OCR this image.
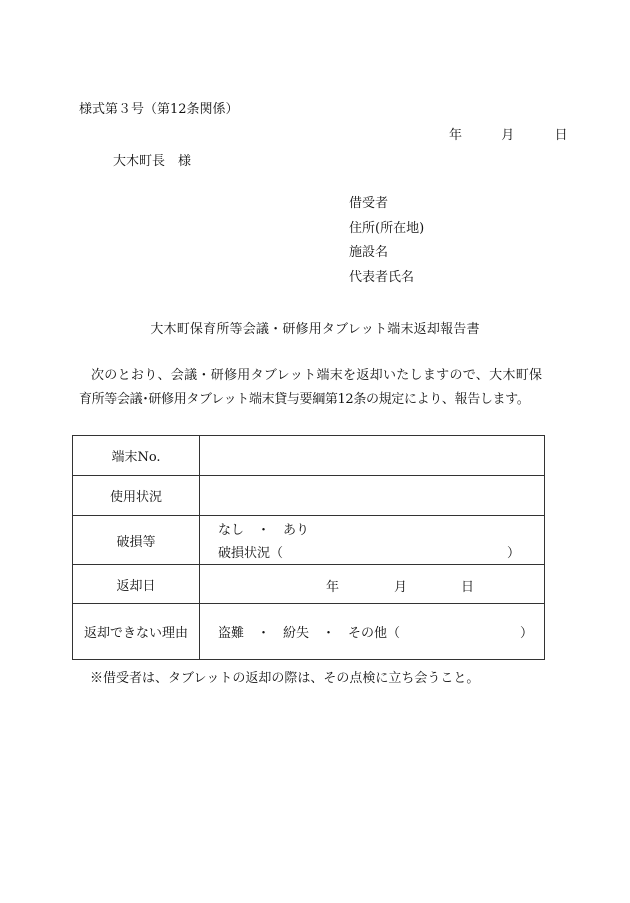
様式第３号（第12条関係）
年	月	日
大木町長　様
借受者
住所(所在地)
施設名
代表者氏名
大木町保育所等会議・研修用タブレット端末返却報告書

次のとおり、会議・研修用タブレット端末を返却いたしますので、大木町保

育所等会議･研修用タブレット端末貸与要綱第12条の規定により、報告します。

端末No.	
使用状況	
破損等	なし　・　あり
破損状況（ ）

返却日	年 月 日

返却できない理由	盗難　・　紛失　・　その他（ ）
※借受者は、タブレットの返却の際は、その点検に立ち会うこと。
